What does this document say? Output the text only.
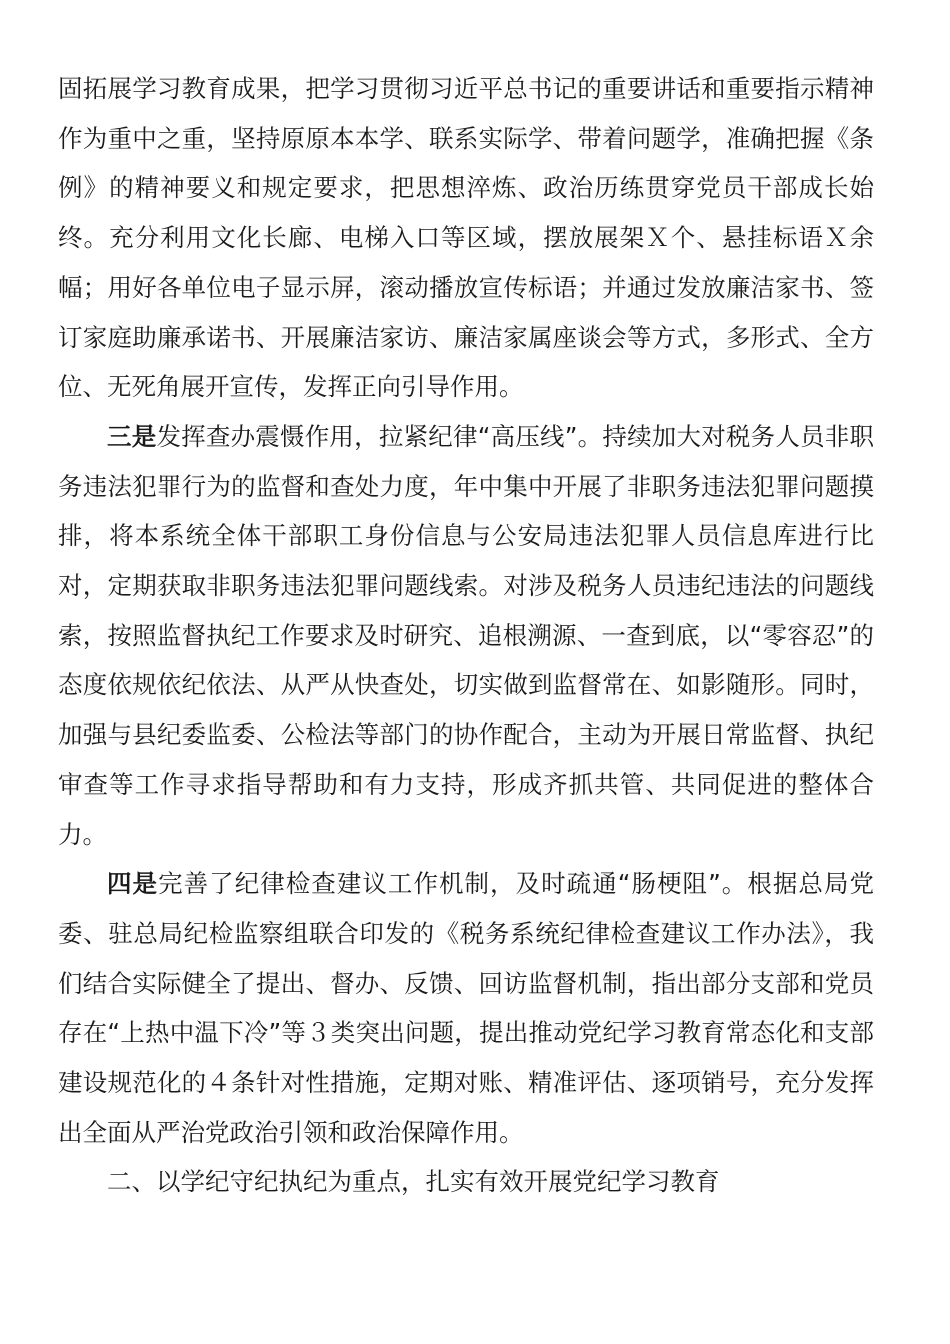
固拓展学习教育成果，把学习贯彻习近平总书记的重要讲话和重要指示精神作为重中之重，坚持原原本本学、联系实际学、带着问题学，准确把握《条例》的精神要义和规定要求，把思想淬炼、政治历练贯穿党员干部成长始终。充分利用文化长廊、电梯入口等区域，摆放展架Ｘ个、悬挂标语Ｘ余幅；用好各单位电子显示屏，滚动播放宣传标语；并通过发放廉洁家书、签订家庭助廉承诺书、开展廉洁家访、廉洁家属座谈会等方式，多形式、全方位、无死角展开宣传，发挥正向引导作用。

三是发挥查办震慑作用，拉紧纪律“高压线”。持续加大对税务人员非职务违法犯罪行为的监督和查处力度，年中集中开展了非职务违法犯罪问题摸排，将本系统全体干部职工身份信息与公安局违法犯罪人员信息库进行比对，定期获取非职务违法犯罪问题线索。对涉及税务人员违纪违法的问题线索，按照监督执纪工作要求及时研究、追根溯源、一查到底，以“零容忍”的态度依规依纪依法、从严从快查处，切实做到监督常在、如影随形。同时，加强与县纪委监委、公检法等部门的协作配合，主动为开展日常监督、执纪审查等工作寻求指导帮助和有力支持，形成齐抓共管、共同促进的整体合力。

四是完善了纪律检查建议工作机制，及时疏通“肠梗阻”。根据总局党委、驻总局纪检监察组联合印发的《税务系统纪律检查建议工作办法》，我们结合实际健全了提出、督办、反馈、回访监督机制，指出部分支部和党员存在“上热中温下冷”等３类突出问题，提出推动党纪学习教育常态化和支部建设规范化的４条针对性措施，定期对账、精准评估、逐项销号，充分发挥出全面从严治党政治引领和政治保障作用。

二、以学纪守纪执纪为重点，扎实有效开展党纪学习教育
